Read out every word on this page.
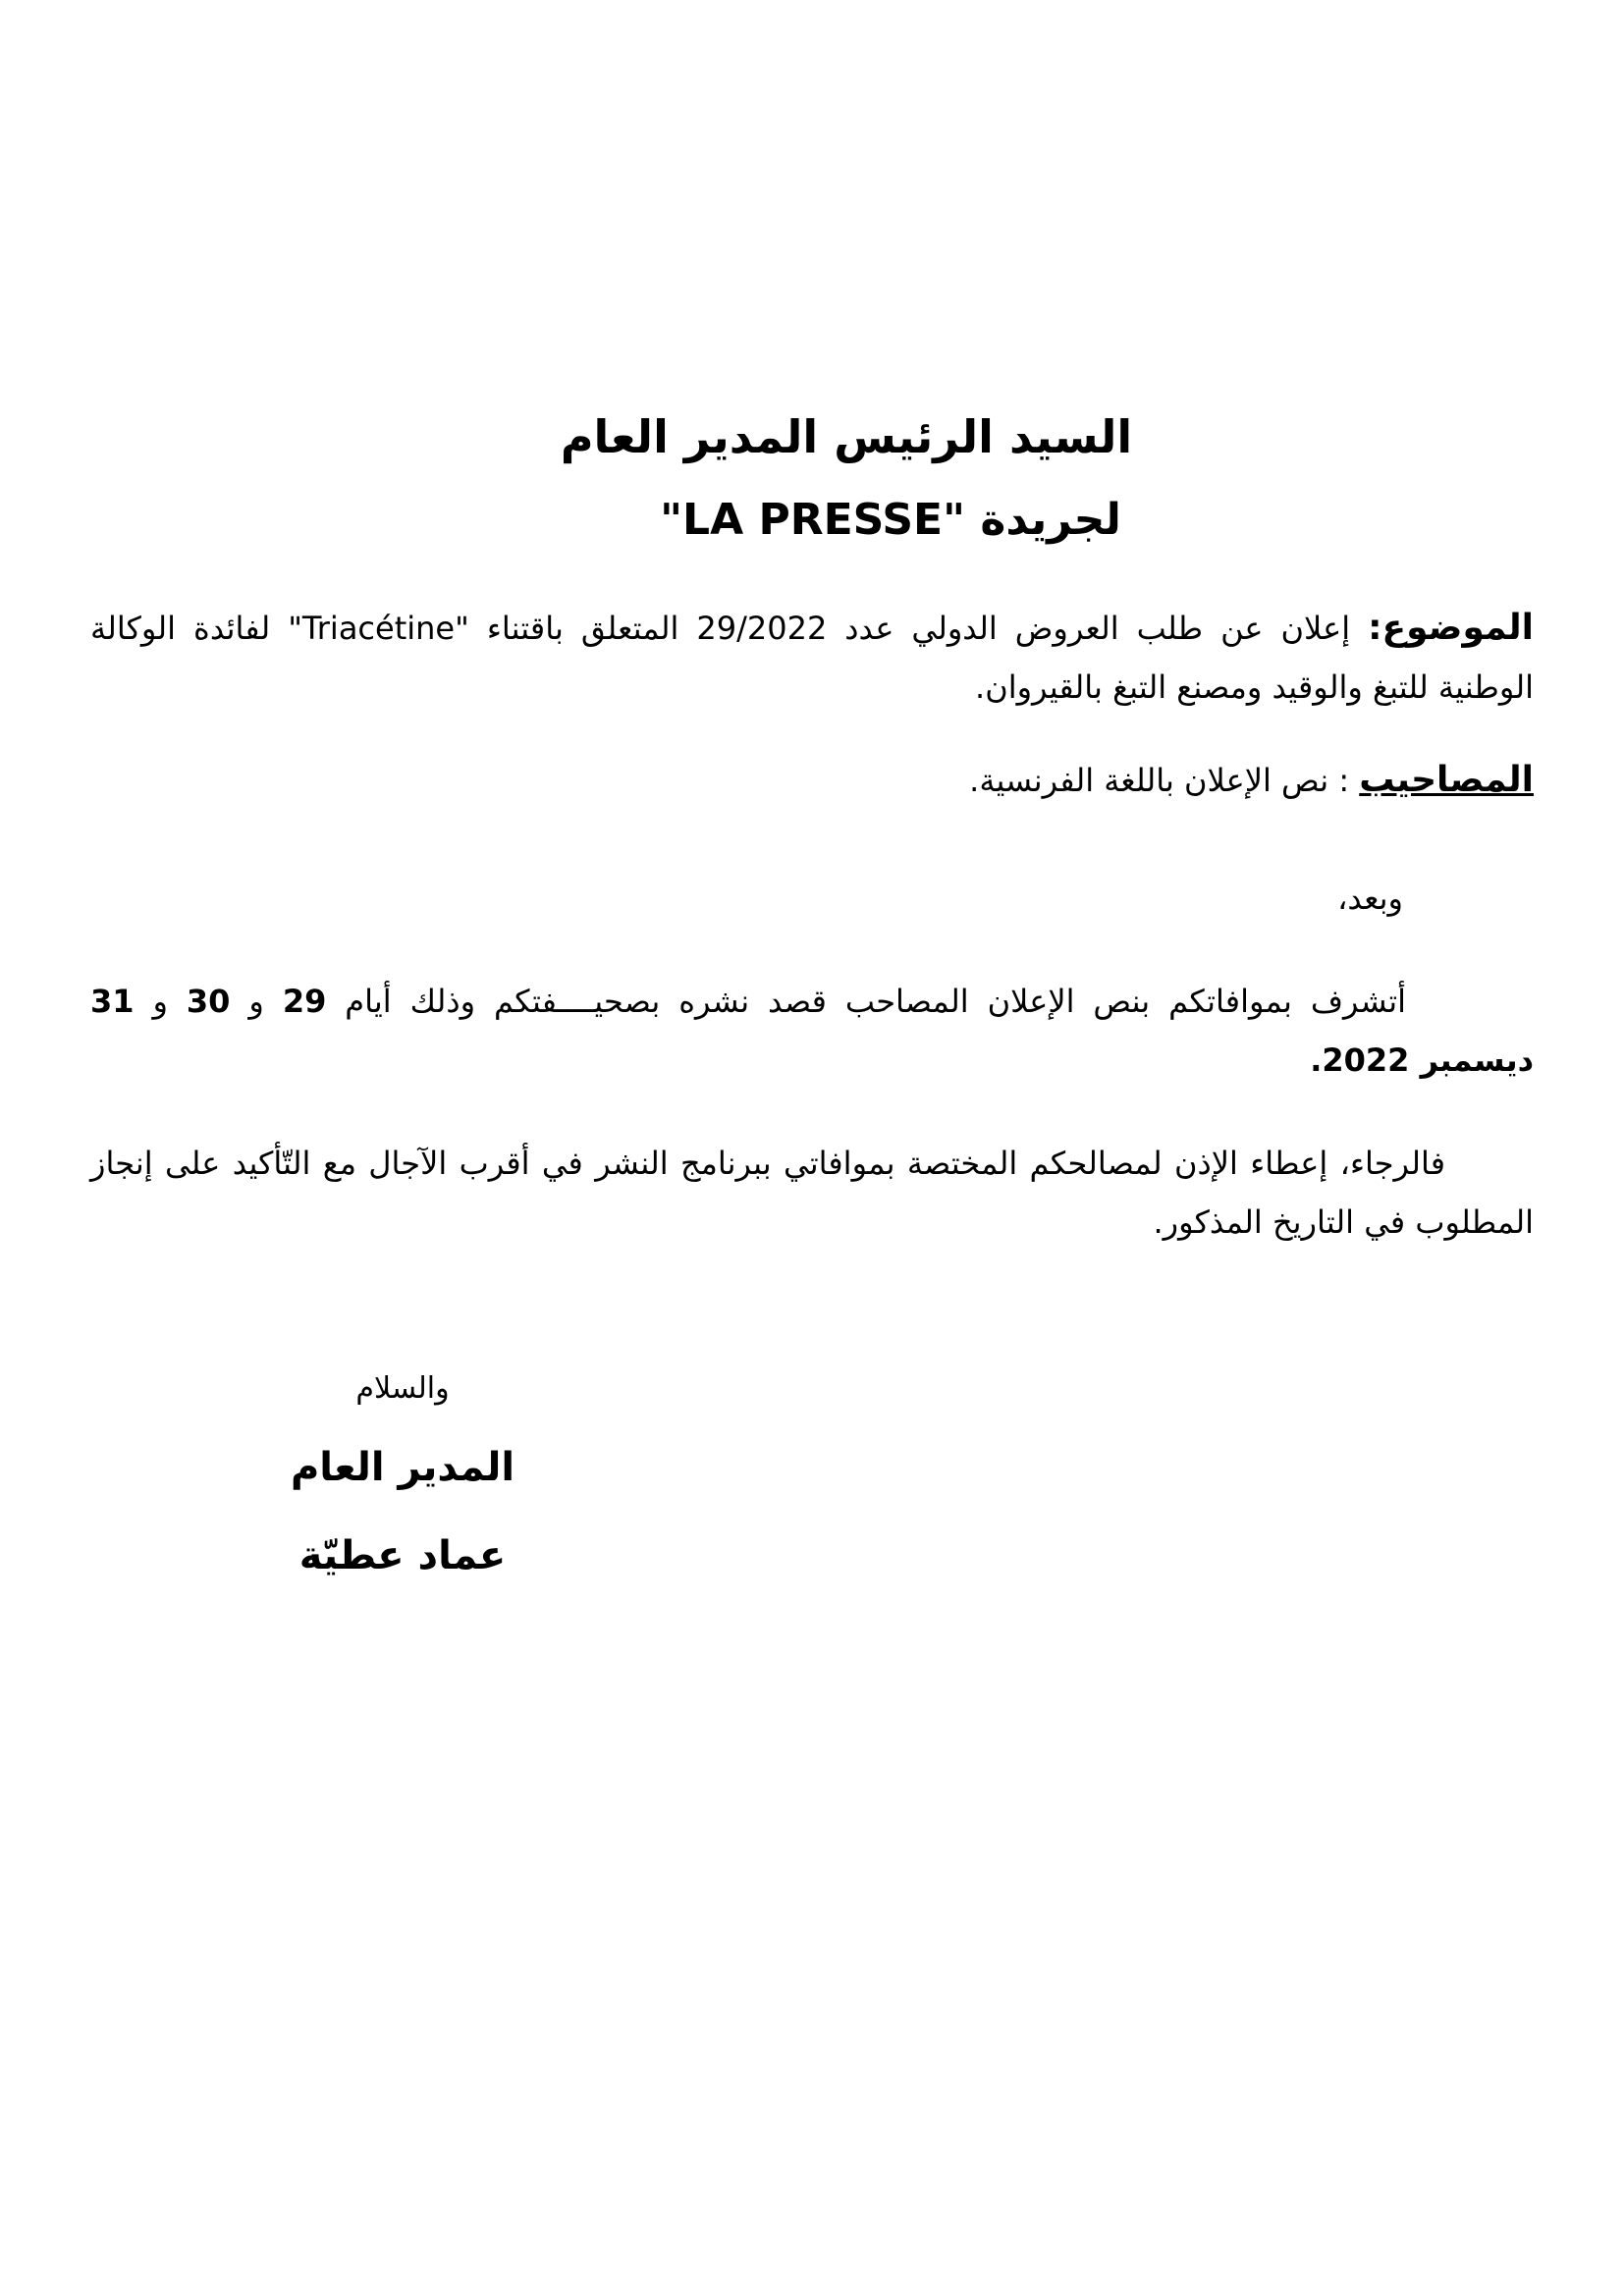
السيد الرئيس المدير العام
لجريدة "LA PRESSE"
الموضوع: إعلان عن طلب العروض الدولي عدد 29/2022 المتعلق باقتناء "Triacétine" لفائدة الوكالة الوطنية للتبغ والوقيد ومصنع التبغ بالقيروان.
المصاحيب : نص الإعلان باللغة الفرنسية.
وبعد،
أتشرف بموافاتكم بنص الإعلان المصاحب قصد نشره بصحيــــفتكم وذلك أيام 29 و 30 و 31 ديسمبر 2022.
فالرجاء، إعطاء الإذن لمصالحكم المختصة بموافاتي ببرنامج النشر في أقرب الآجال مع التّأكيد على إنجاز المطلوب في التاريخ المذكور.
والسلام
المدير العام
عماد عطيّة
